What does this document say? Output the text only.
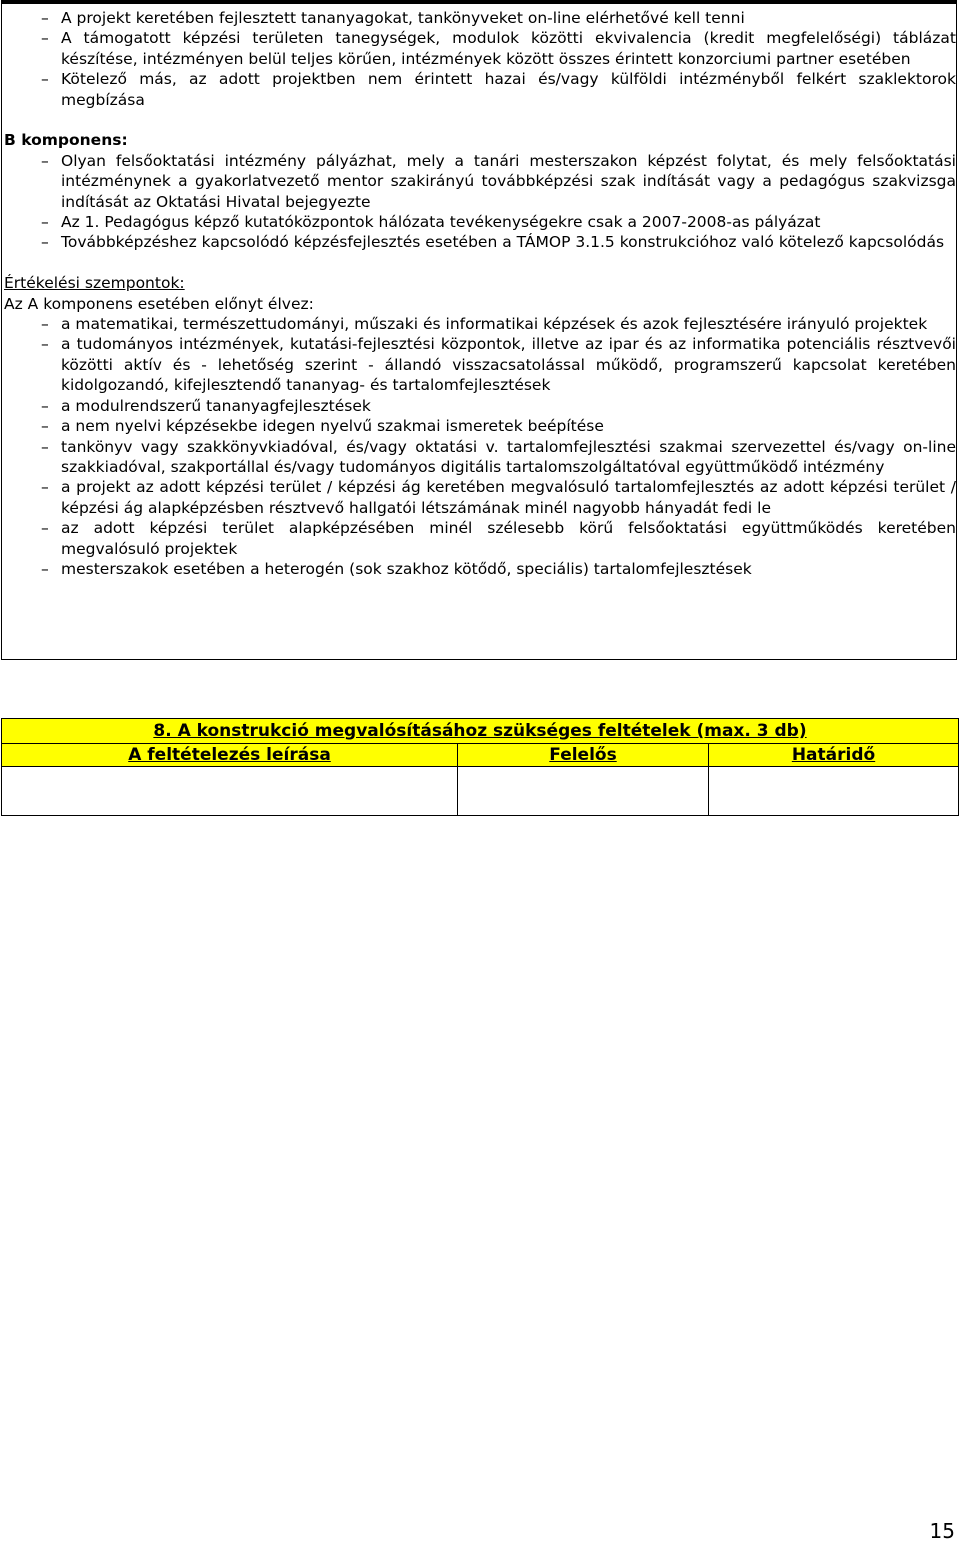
– A projekt keretében fejlesztett tananyagokat, tankönyveket on-line elérhetővé kell tenni
– A támogatott képzési területen tanegységek, modulok közötti ekvivalencia (kredit megfelelőségi) táblázat készítése, intézményen belül teljes körűen, intézmények között összes érintett konzorciumi partner esetében
– Kötelező más, az adott projektben nem érintett hazai és/vagy külföldi intézményből felkért szaklektorok megbízása
B komponens:
– Olyan felsőoktatási intézmény pályázhat, mely a tanári mesterszakon képzést folytat, és mely felsőoktatási intézménynek a gyakorlatvezető mentor szakirányú továbbképzési szak indítását vagy a pedagógus szakvizsga indítását az Oktatási Hivatal bejegyezte
– Az 1. Pedagógus képző kutatóközpontok hálózata tevékenységekre csak a 2007-2008-as pályázat
– Továbbképzéshez kapcsolódó képzésfejlesztés esetében a TÁMOP 3.1.5 konstrukcióhoz való kötelező kapcsolódás
Értékelési szempontok:
Az A komponens esetében előnyt élvez:
– a matematikai, természettudományi, műszaki és informatikai képzések és azok fejlesztésére irányuló projektek
– a tudományos intézmények, kutatási-fejlesztési központok, illetve az ipar és az informatika potenciális résztvevői közötti aktív és - lehetőség szerint - állandó visszacsatolással működő, programszerű kapcsolat keretében kidolgozandó, kifejlesztendő tananyag- és tartalomfejlesztések
– a modulrendszerű tananyagfejlesztések
– a nem nyelvi képzésekbe idegen nyelvű szakmai ismeretek beépítése
– tankönyv vagy szakkönyvkiadóval, és/vagy oktatási v. tartalomfejlesztési szakmai szervezettel és/vagy on-line szakkiadóval, szakportállal és/vagy tudományos digitális tartalomszolgáltatóval együttműködő intézmény
– a projekt az adott képzési terület / képzési ág keretében megvalósuló tartalomfejlesztés az adott képzési terület / képzési ág alapképzésben résztvevő hallgatói létszámának minél nagyobb hányadát fedi le
– az adott képzési terület alapképzésében minél szélesebb körű felsőoktatási együttműködés keretében megvalósuló projektek
– mesterszakok esetében a heterogén (sok szakhoz kötődő, speciális) tartalomfejlesztések
8. A konstrukció megvalósításához szükséges feltételek (max. 3 db)		
A feltételezés leírása	Felelős	Határidő

15
